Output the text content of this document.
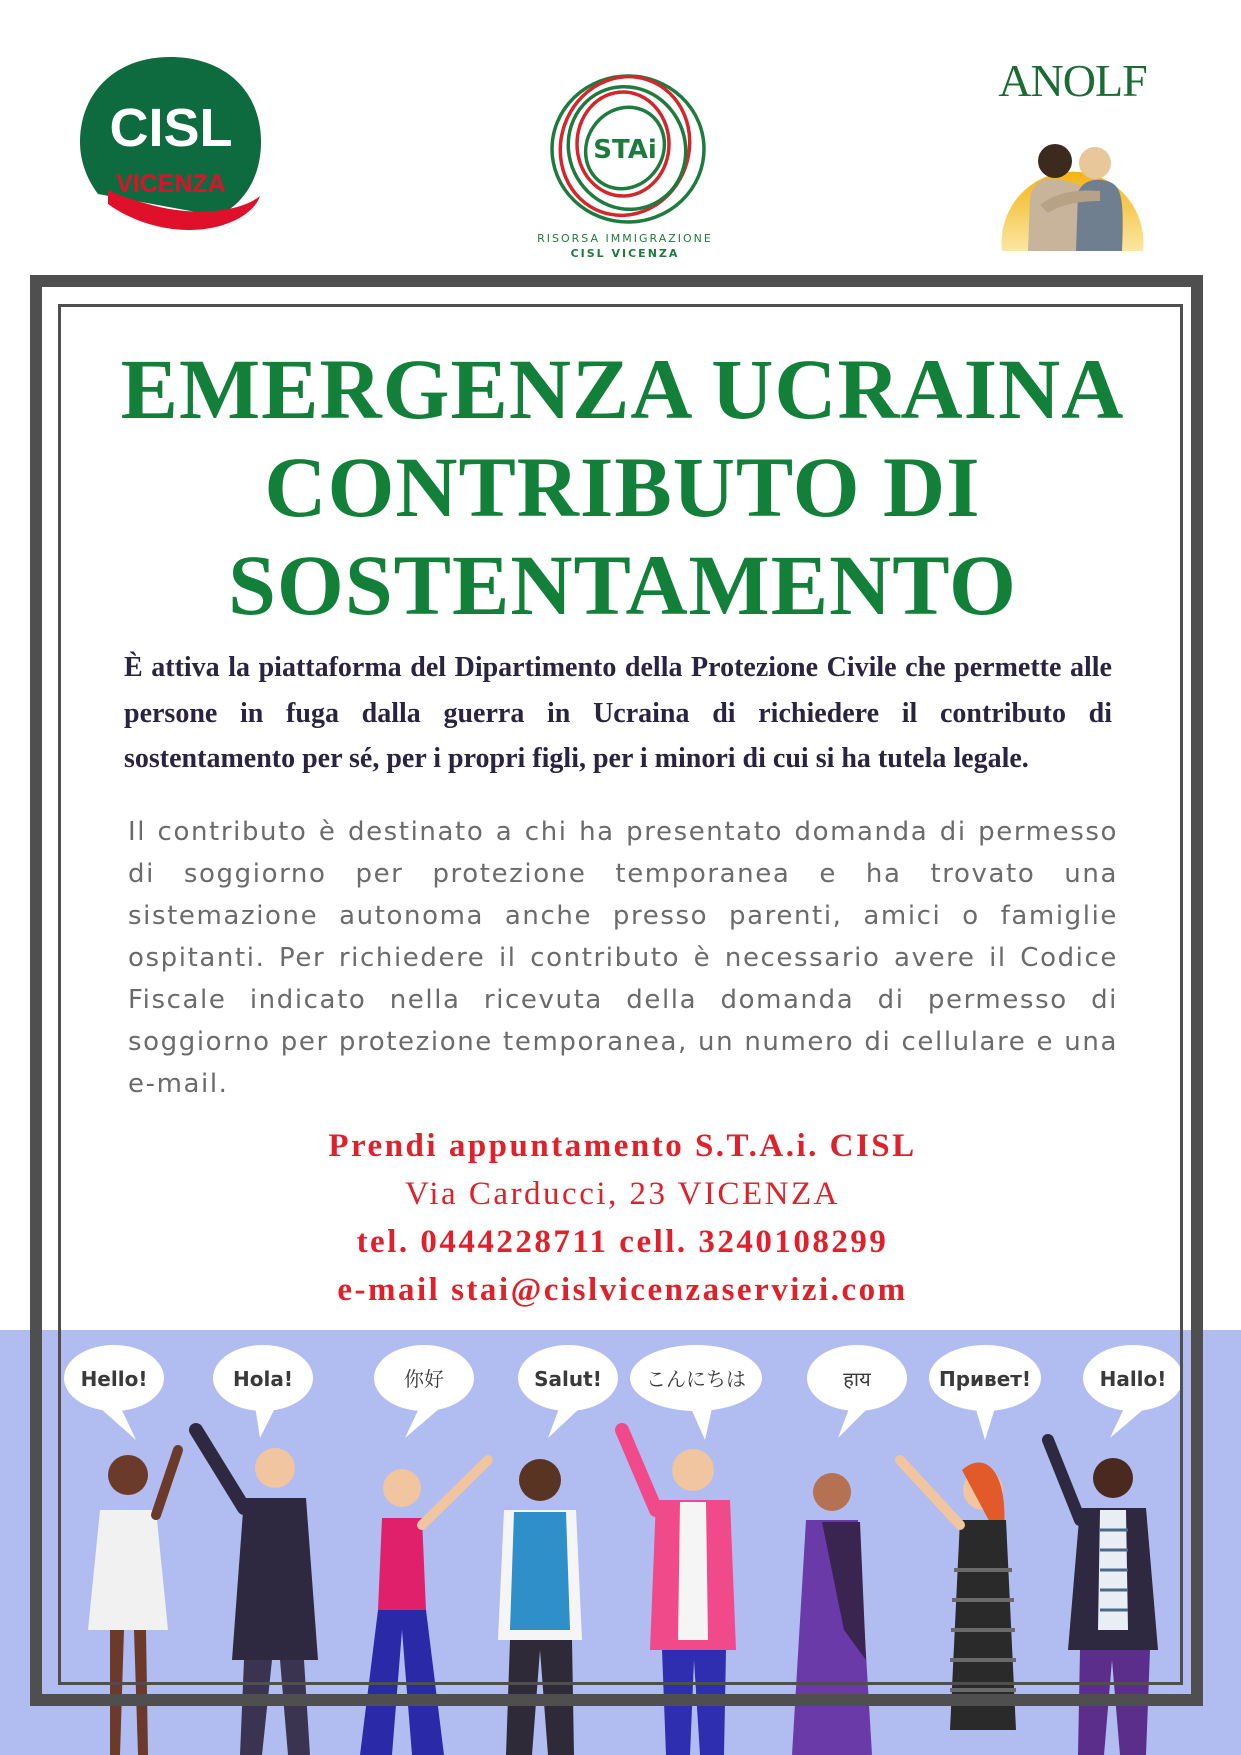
CISL
VICENZA
STAi
RISORSA IMMIGRAZIONE
CISL VICENZA
ANOLF
Hello!	Hola!	你好	Salut! こんにちは	हाय	Привет!	Hallo!
EMERGENZA UCRAINA
CONTRIBUTO DI
SOSTENTAMENTO

È attiva la piattaforma del Dipartimento della Protezione Civile che permette alle persone in fuga dalla guerra in Ucraina di richiedere il contributo di sostentamento per sé, per i propri figli, per i minori di cui si ha tutela legale.

Il contributo è destinato a chi ha presentato domanda di permesso di soggiorno per protezione temporanea e ha trovato una sistemazione autonoma anche presso parenti, amici o famiglie ospitanti. Per richiedere il contributo è necessario avere il Codice Fiscale indicato nella ricevuta della domanda di permesso di soggiorno per protezione temporanea, un numero di cellulare e una e-mail.

Prendi appuntamento S.T.A.i. CISL
Via Carducci, 23 VICENZA
tel. 0444228711 cell. 3240108299
e-mail stai@cislvicenzaservizi.com
